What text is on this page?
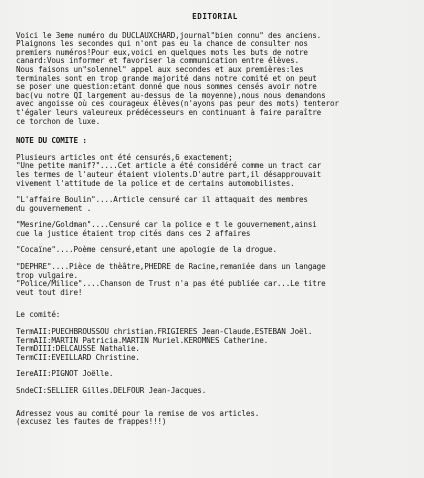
EDITORIAL
Voici le 3eme numéro du DUCLAUXCHARD,journal"bien connu" des anciens.
Plaignons les secondes qui n'ont pas eu la chance de consulter nos
premiers numéros!Pour eux,voici en quelques mots les buts de notre
canard:Vous informer et favoriser la communication entre élèves.
Nous faisons un"solennel" appel aux secondes et aux premières:les
terminales sont en trop grande majorité dans notre comité et on peut
se poser une question:etant donné que nous sommes censés avoir notre
bac(vu notre QI largement au-dessus de la moyenne),nous nous demandons
avec angoisse où ces courageux élèves(n'ayons pas peur des mots) tenteror
t'égaler leurs valeureux prédécesseurs en continuant à faire paraître
ce torchon de luxe.
NOTE DU COMITE :
Plusieurs articles ont été censurés,6 exactement;
"Une petite manif?"....Cet article a été considéré comme un tract car
les termes de l'auteur étaient violents.D'autre part,il désapprouvait
vivement l'attitude de la police et de certains automobilistes.
"L'affaire Boulin"....Article censuré car il attaquait des membres
du gouvernement .
"Mesrine/Goldman"....Censuré car la police e t le gouvernement,ainsi
cue la justice étaient trop cités dans ces 2 affaires
"Cocaïne"....Poème censuré,etant une apologie de la drogue.
"DEPHRE"....Pièce de thèâtre,PHEDRE de Racine,remaniée dans un langage
trop vulgaire.
"Police/Milice"....Chanson de Trust n'a pas été publiée car...Le titre
veut tout dire!
Le comité:
TermAII:PUECHBROUSSOU christian.FRIGIERES Jean-Claude.ESTEBAN Joël.
TermAII:MARTIN Patricia.MARTIN Muriel.KEROMNES Catherine.
TermDIII:DELCAUSSE Nathalie.
TermCII:EVEILLARD Christine.
IereAII:PIGNOT Joëlle.
SndeCI:SELLIER Gilles.DELFOUR Jean-Jacques.
Adressez vous au comité pour la remise de vos articles.
(excusez les fautes de frappes!!!)
